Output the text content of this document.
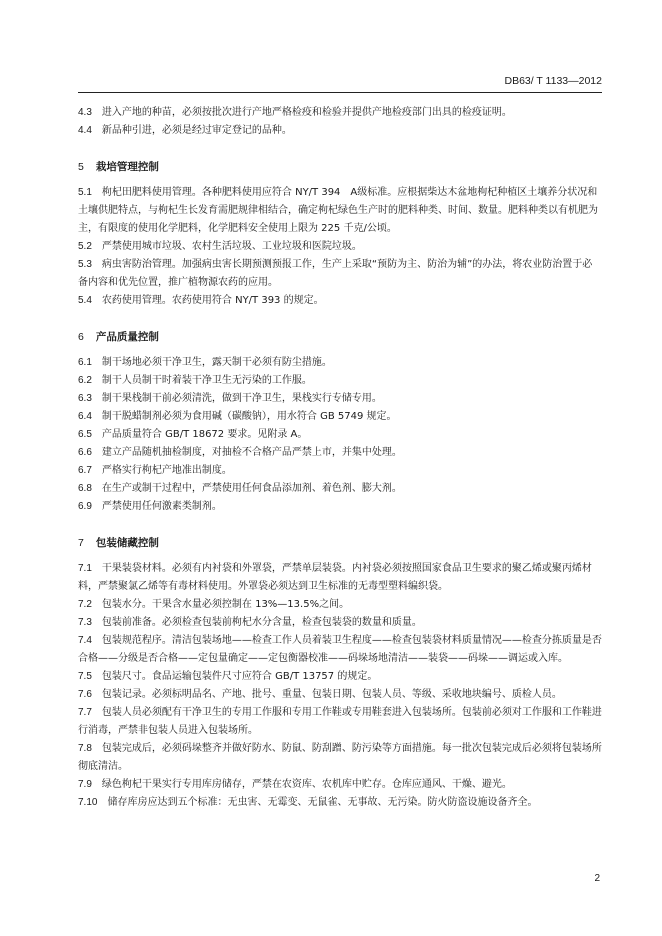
DB63/ T 1133—2012

4.3 进入产地的种苗，必须按批次进行产地严格检疫和检验并提供产地检疫部门出具的检疫证明。

4.4 新品种引进，必须是经过审定登记的品种。

5 栽培管理控制

5.1 枸杞田肥料使用管理。各种肥料使用应符合 NY/T 394　A级标准。应根据柴达木盆地枸杞种植区土壤养分状况和土壤供肥特点，与枸杞生长发育需肥规律相结合，确定枸杞绿色生产时的肥料种类、时间、数量。肥料种类以有机肥为主，有限度的使用化学肥料，化学肥料安全使用上限为 225 千克/公顷。

5.2 严禁使用城市垃圾、农村生活垃圾、工业垃圾和医院垃圾。

5.3 病虫害防治管理。加强病虫害长期预测预报工作，生产上采取“预防为主、防治为辅”的办法，将农业防治置于必备内容和优先位置，推广植物源农药的应用。

5.4 农药使用管理。农药使用符合 NY/T 393 的规定。

6 产品质量控制

6.1 制干场地必须干净卫生，露天制干必须有防尘措施。

6.2 制干人员制干时着装干净卫生无污染的工作服。

6.3 制干果栈制干前必须清洗，做到干净卫生，果栈实行专储专用。

6.4 制干脱蜡制剂必须为食用碱（碳酸钠），用水符合 GB 5749 规定。

6.5 产品质量符合 GB/T 18672 要求。见附录 A。

6.6 建立产品随机抽检制度，对抽检不合格产品严禁上市，并集中处理。

6.7 严格实行枸杞产地准出制度。

6.8 在生产或制干过程中，严禁使用任何食品添加剂、着色剂、膨大剂。

6.9 严禁使用任何激素类制剂。

7 包装储藏控制

7.1 干果装袋材料。必须有内衬袋和外罩袋，严禁单层装袋。内衬袋必须按照国家食品卫生要求的聚乙烯或聚丙烯材料，严禁聚氯乙烯等有毒材料使用。外罩袋必须达到卫生标准的无毒型塑料编织袋。

7.2 包装水分。干果含水量必须控制在 13%—13.5%之间。

7.3 包装前准备。必须检查包装前枸杞水分含量，检查包装袋的数量和质量。

7.4 包装规范程序。清洁包装场地——检查工作人员着装卫生程度——检查包装袋材料质量情况——检查分拣质量是否合格——分级是否合格——定包量确定——定包衡器校准——码垛场地清洁——装袋——码垛——调运或入库。

7.5 包装尺寸。食品运输包装件尺寸应符合 GB/T 13757 的规定。

7.6 包装记录。必须标明品名、产地、批号、重量、包装日期、包装人员、等级、采收地块编号、质检人员。

7.7 包装人员必须配有干净卫生的专用工作服和专用工作鞋或专用鞋套进入包装场所。包装前必须对工作服和工作鞋进行消毒，严禁非包装人员进入包装场所。

7.8 包装完成后，必须码垛整齐并做好防水、防鼠、防刮蹭、防污染等方面措施。每一批次包装完成后必须将包装场所彻底清洁。

7.9 绿色枸杞干果实行专用库房储存，严禁在农资库、农机库中贮存。仓库应通风、干燥、避光。

7.10 储存库房应达到五个标准：无虫害、无霉变、无鼠雀、无事故、无污染。防火防盗设施设备齐全。

2
